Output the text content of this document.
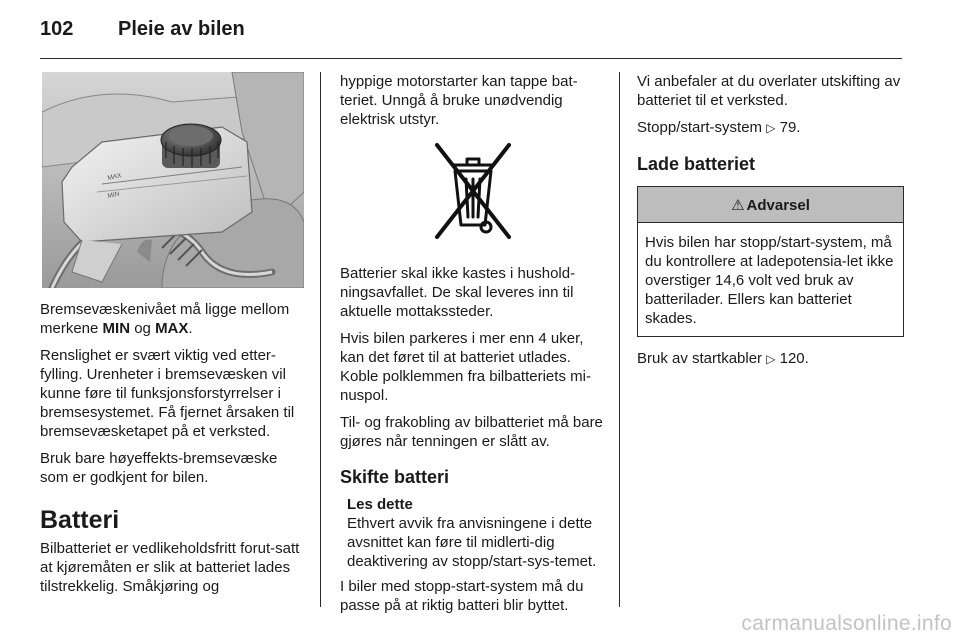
102 Pleie av bilen
MAX
MIN

Bremsevæskenivået må ligge mellom merkene MIN og MAX.

Renslighet er svært viktig ved etter-fylling. Urenheter i bremsevæsken vil kunne føre til funksjonsforstyrrelser i bremsesystemet. Få fjernet årsaken til bremsevæsketapet på et verksted.

Bruk bare høyeffekts-bremsevæske som er godkjent for bilen.

Batteri

Bilbatteriet er vedlikeholdsfritt forut-satt at kjøremåten er slik at batteriet lades tilstrekkelig. Småkjøring og

hyppige motorstarter kan tappe bat-teriet. Unngå å bruke unødvendig elektrisk utstyr.

Batterier skal ikke kastes i hushold-ningsavfallet. De skal leveres inn til aktuelle mottakssteder.

Hvis bilen parkeres i mer enn 4 uker, kan det føret til at batteriet utlades. Koble polklemmen fra bilbatteriets mi-nuspol.

Til- og frakobling av bilbatteriet må bare gjøres når tenningen er slått av.

Skifte batteri
Les dette
Ethvert avvik fra anvisningene i dette avsnittet kan føre til midlerti-dig deaktivering av stopp/start-sys-temet.

I biler med stopp-start-system må du passe på at riktig batteri blir byttet.

Vi anbefaler at du overlater utskifting av batteriet til et verksted.

Stopp/start-system ▷ 79.

Lade batteriet
⚠ Advarsel
Hvis bilen har stopp/start-system, må du kontrollere at ladepotensia-let ikke overstiger 14,6 volt ved bruk av batterilader. Ellers kan batteriet skades.

Bruk av startkabler ▷ 120.

carmanualsonline.info
